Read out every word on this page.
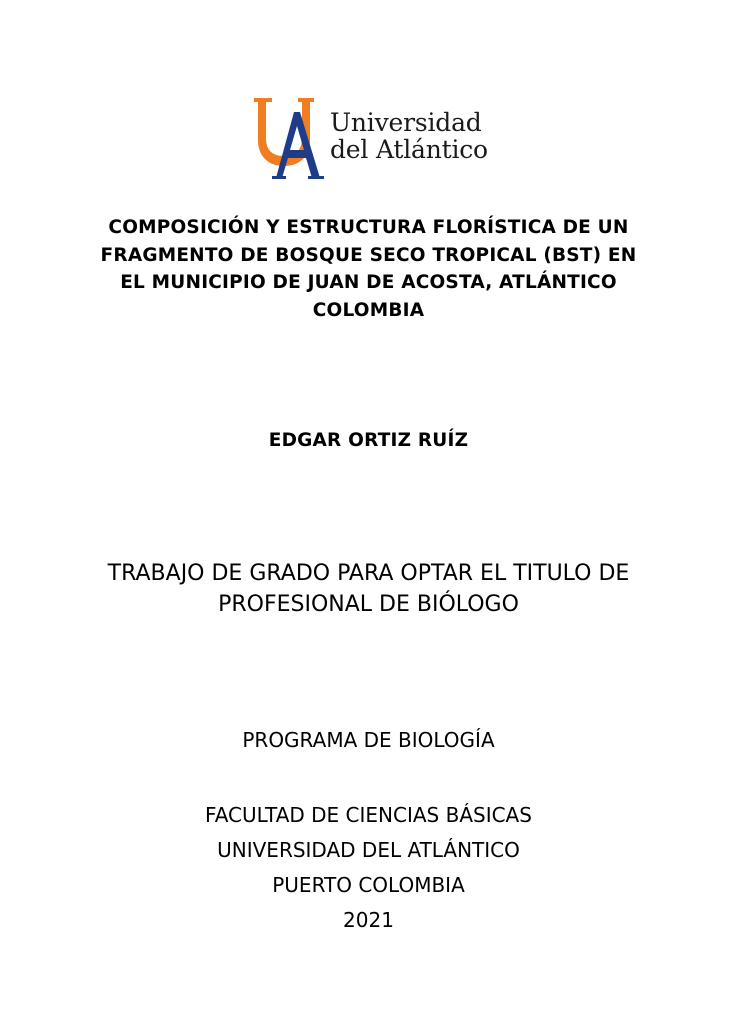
Universidad
del Atlántico
COMPOSICIÓN Y ESTRUCTURA FLORÍSTICA DE UN
FRAGMENTO DE BOSQUE SECO TROPICAL (BST) EN
EL MUNICIPIO DE JUAN DE ACOSTA, ATLÁNTICO
COLOMBIA
EDGAR ORTIZ RUÍZ
TRABAJO DE GRADO PARA OPTAR EL TITULO DE
PROFESIONAL DE BIÓLOGO
PROGRAMA DE BIOLOGÍA
FACULTAD DE CIENCIAS BÁSICAS
UNIVERSIDAD DEL ATLÁNTICO
PUERTO COLOMBIA
2021
